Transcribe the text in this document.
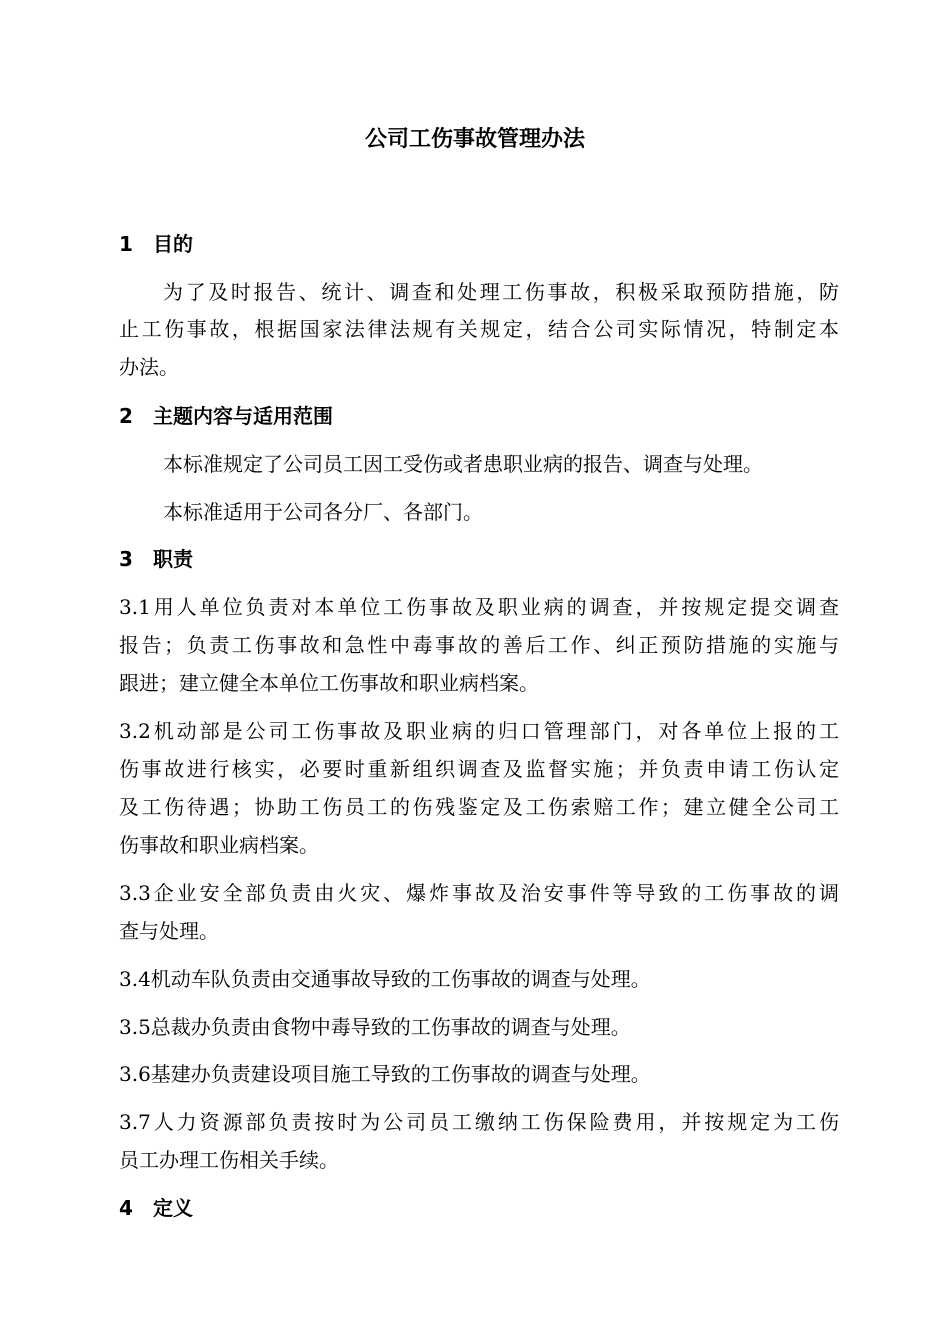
公司工伤事故管理办法
1 目的

为了及时报告、统计、调查和处理工伤事故，积极采取预防措施，防

止工伤事故，根据国家法律法规有关规定，结合公司实际情况，特制定本

办法。

2 主题内容与适用范围

本标准规定了公司员工因工受伤或者患职业病的报告、调查与处理。

本标准适用于公司各分厂、各部门。

3 职责

3.1用人单位负责对本单位工伤事故及职业病的调查，并按规定提交调查

报告；负责工伤事故和急性中毒事故的善后工作、纠正预防措施的实施与

跟进；建立健全本单位工伤事故和职业病档案。

3.2机动部是公司工伤事故及职业病的归口管理部门，对各单位上报的工

伤事故进行核实，必要时重新组织调查及监督实施；并负责申请工伤认定

及工伤待遇；协助工伤员工的伤残鉴定及工伤索赔工作；建立健全公司工

伤事故和职业病档案。

3.3企业安全部负责由火灾、爆炸事故及治安事件等导致的工伤事故的调

查与处理。

3.4机动车队负责由交通事故导致的工伤事故的调查与处理。

3.5总裁办负责由食物中毒导致的工伤事故的调查与处理。

3.6基建办负责建设项目施工导致的工伤事故的调查与处理。

3.7人力资源部负责按时为公司员工缴纳工伤保险费用，并按规定为工伤

员工办理工伤相关手续。

4 定义
